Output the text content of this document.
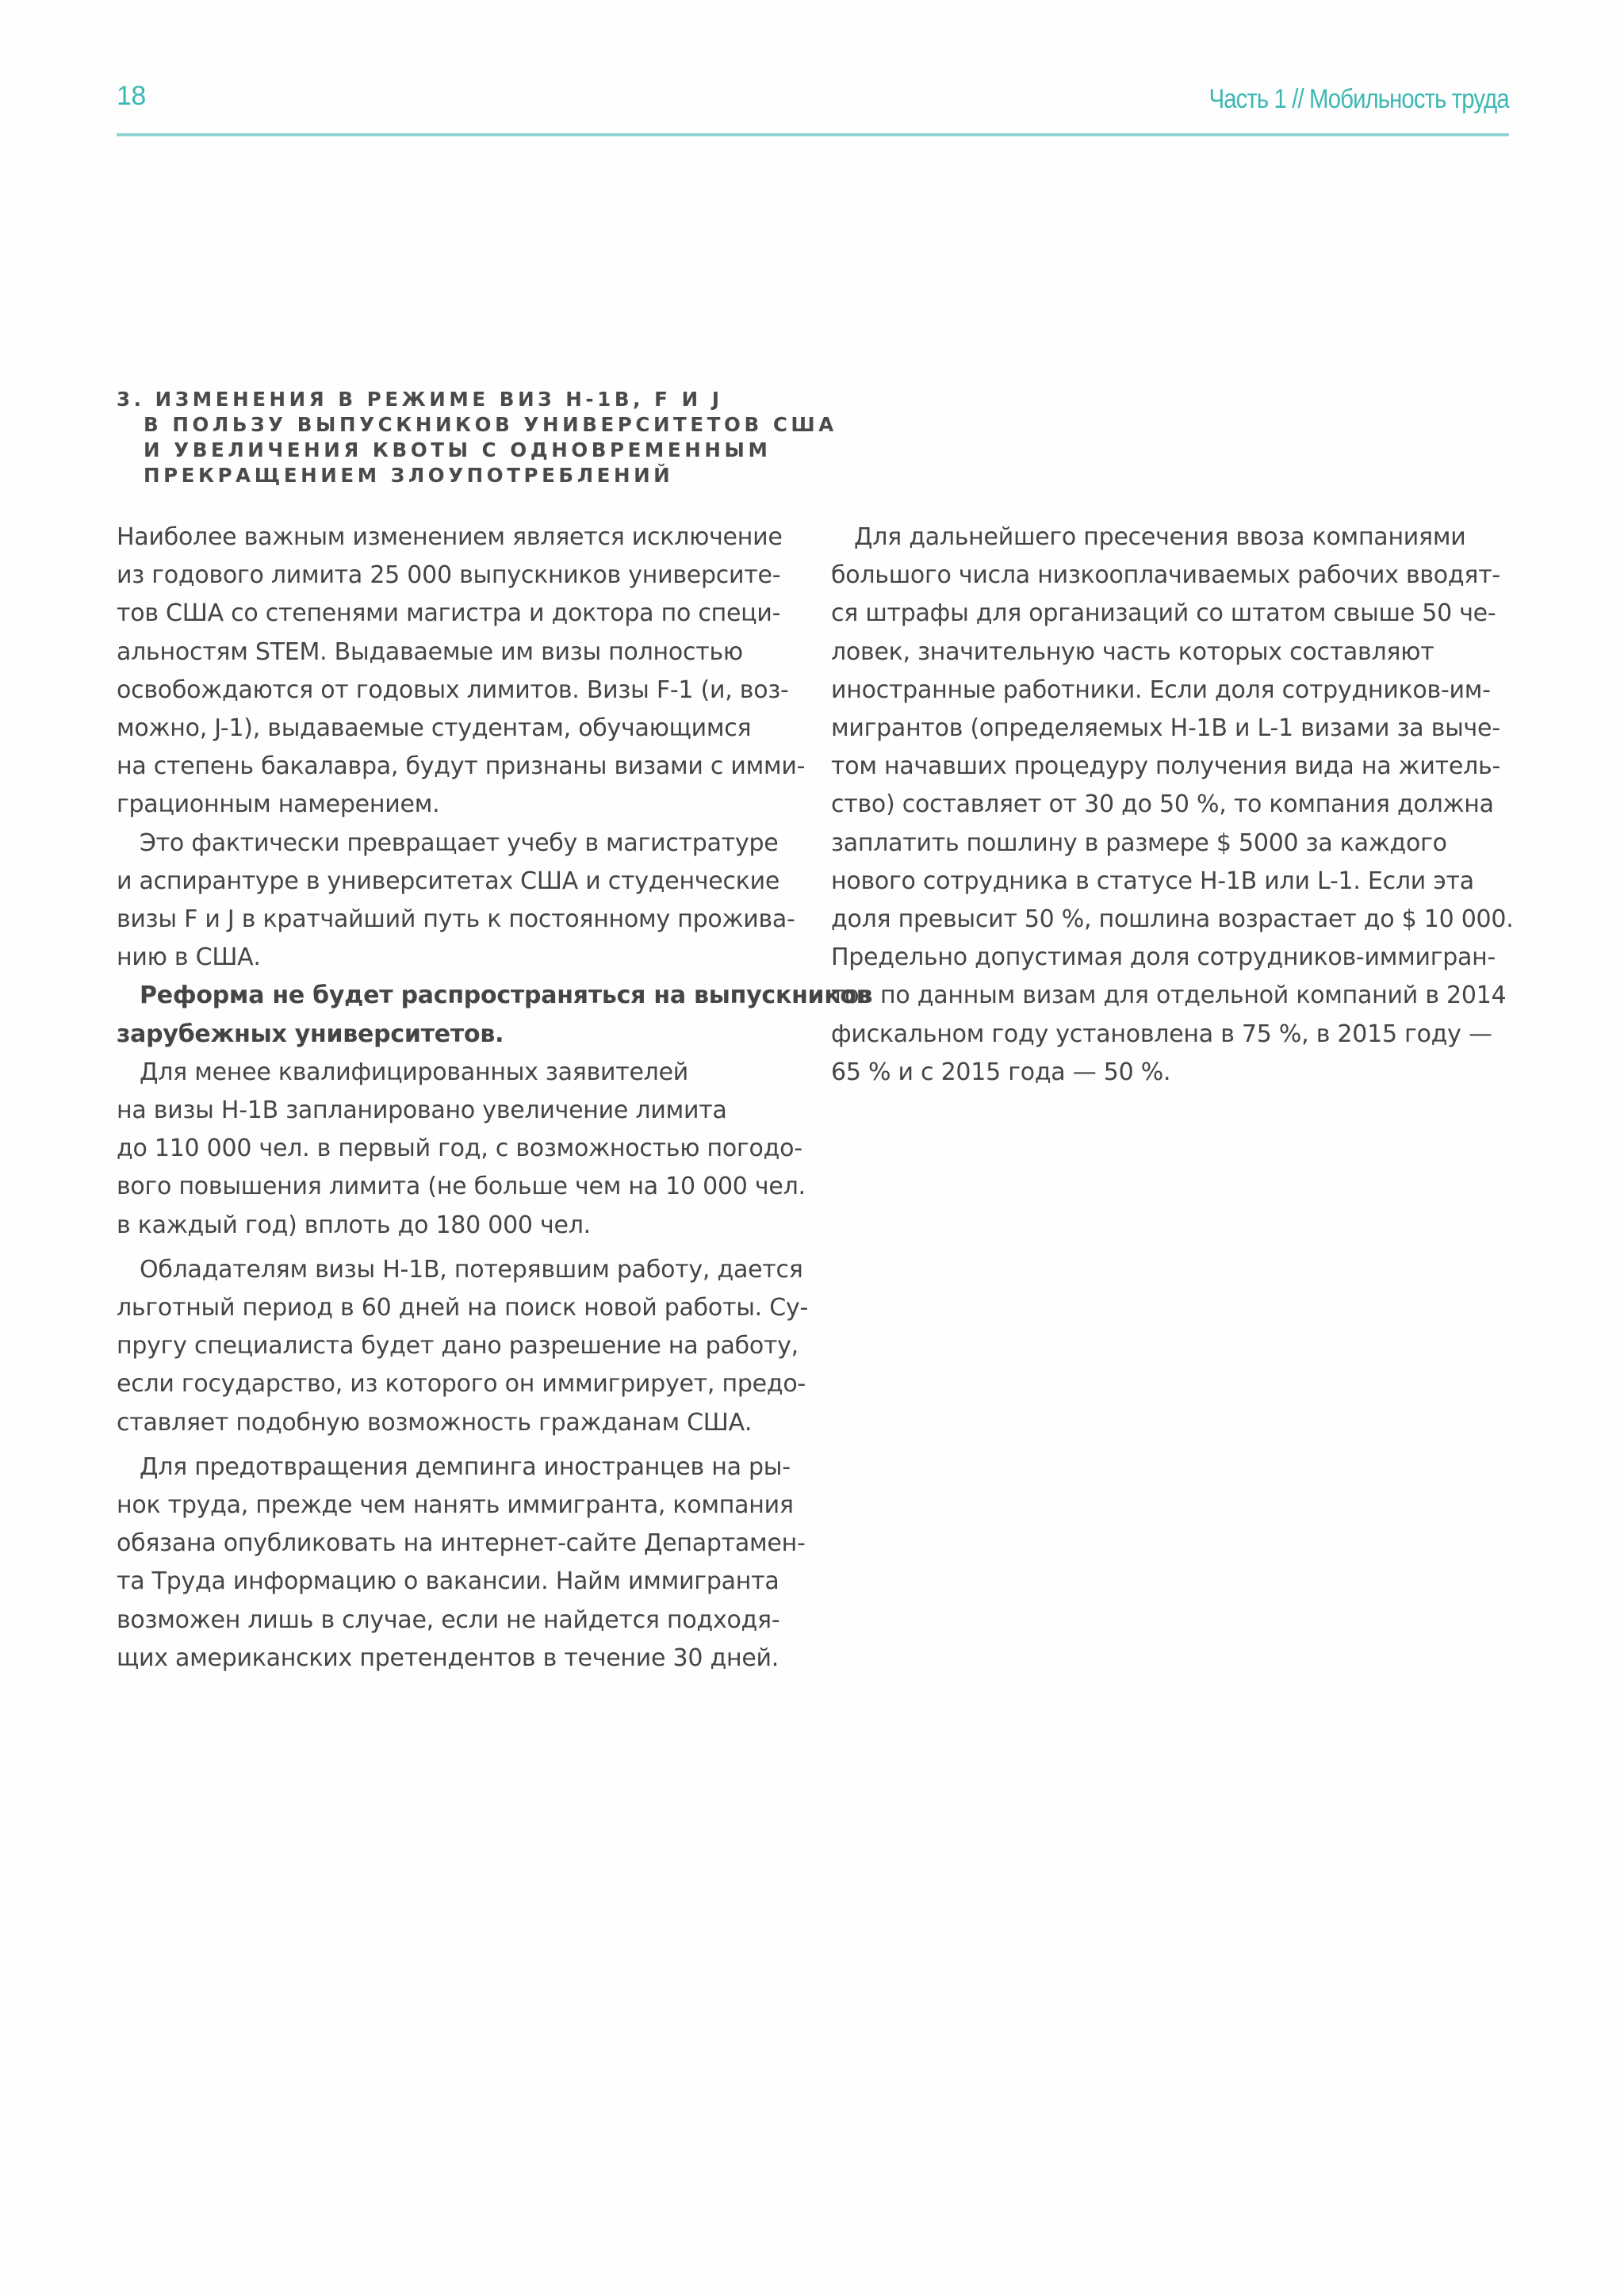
18	Часть 1 // Мобильность труда
3. ИЗМЕНЕНИЯ В РЕЖИМЕ ВИЗ H-1B, F И J
В ПОЛЬЗУ ВЫПУСКНИКОВ УНИВЕРСИТЕТОВ США
И УВЕЛИЧЕНИЯ КВОТЫ С ОДНОВРЕМЕННЫМ
ПРЕКРАЩЕНИЕМ ЗЛОУПОТРЕБЛЕНИЙ

Наиболее важным изменением является исключение
из годового лимита 25 000 выпускников университе-
тов США со степенями магистра и доктора по специ-
альностям STEM. Выдаваемые им визы полностью
освобождаются от годовых лимитов. Визы F-1 (и, воз-
можно, J-1), выдаваемые студентам, обучающимся
на степень бакалавра, будут признаны визами с имми-
грационным намерением.

Это фактически превращает учебу в магистратуре
и аспирантуре в университетах США и студенческие
визы F и J в кратчайший путь к постоянному прожива-
нию в США.

Реформа не будет распространяться на выпускников
зарубежных университетов.

Для менее квалифицированных заявителей
на визы H-1B запланировано увеличение лимита
до 110 000 чел. в первый год, с возможностью погодо-
вого повышения лимита (не больше чем на 10 000 чел.
в каждый год) вплоть до 180 000 чел.

Обладателям визы H-1B, потерявшим работу, дается
льготный период в 60 дней на поиск новой работы. Су-
пругу специалиста будет дано разрешение на работу,
если государство, из которого он иммигрирует, предо-
ставляет подобную возможность гражданам США.

Для предотвращения демпинга иностранцев на ры-
нок труда, прежде чем нанять иммигранта, компания
обязана опубликовать на интернет-сайте Департамен-
та Труда информацию о вакансии. Найм иммигранта
возможен лишь в случае, если не найдется подходя-
щих американских претендентов в течение 30 дней.

Для дальнейшего пресечения ввоза компаниями
большого числа низкооплачиваемых рабочих вводят-
ся штрафы для организаций со штатом свыше 50 че-
ловек, значительную часть которых составляют
иностранные работники. Если доля сотрудников-им-
мигрантов (определяемых H-1B и L-1 визами за выче-
том начавших процедуру получения вида на житель-
ство) составляет от 30 до 50 %, то компания должна
заплатить пошлину в размере $ 5000 за каждого
нового сотрудника в статусе H-1B или L-1. Если эта
доля превысит 50 %, пошлина возрастает до $ 10 000.
Предельно допустимая доля сотрудников-иммигран-
тов по данным визам для отдельной компаний в 2014
фискальном году установлена в 75 %, в 2015 году —
65 % и с 2015 года — 50 %.
